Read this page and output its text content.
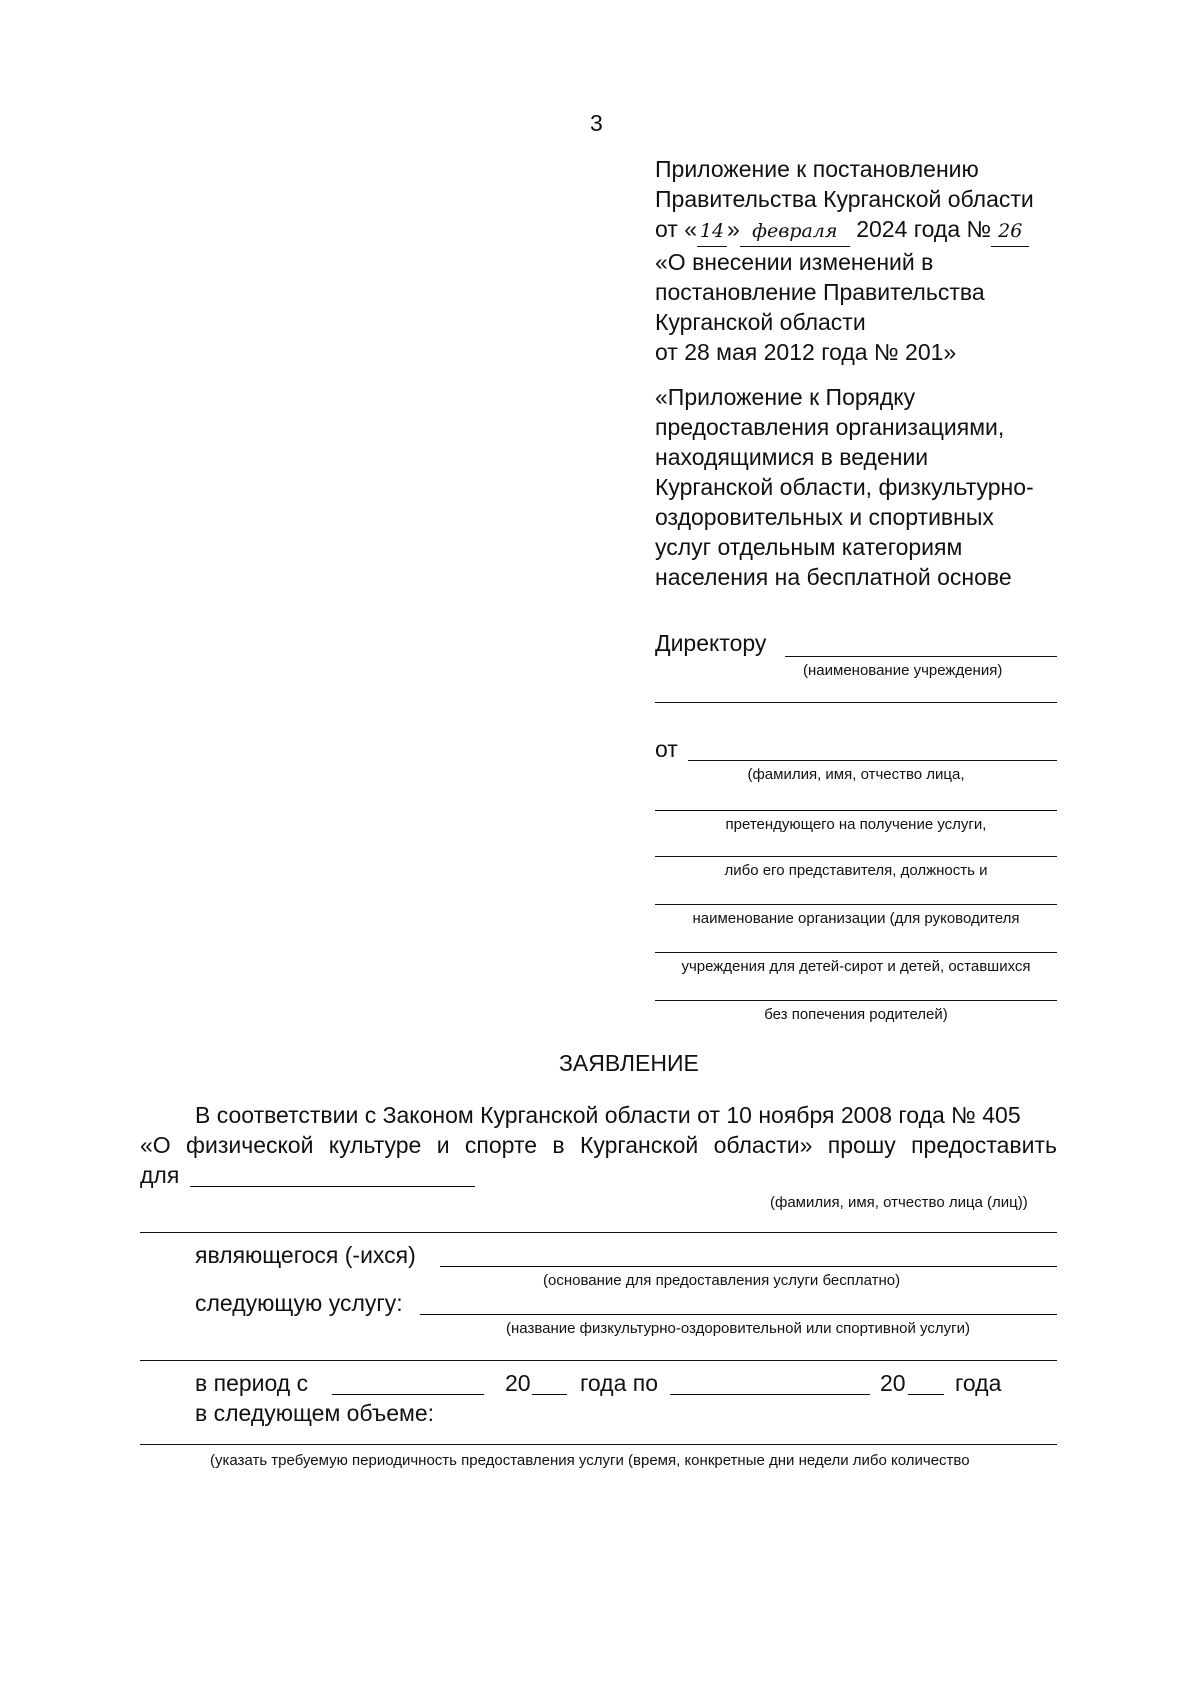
3
Приложение к постановлению
Правительства Курганской области
от « 14 » февраля 2024 года № 26
«О внесении изменений в
постановление Правительства
Курганской области
от 28 мая 2012 года № 201»
«Приложение к Порядку
предоставления организациями,
находящимися в ведении
Курганской области, физкультурно-
оздоровительных и спортивных
услуг отдельным категориям
населения на бесплатной основе
Директору
(наименование учреждения)
от
(фамилия, имя, отчество лица,
претендующего на получение услуги,
либо его представителя, должность и
наименование организации (для руководителя
учреждения для детей-сирот и детей, оставшихся
без попечения родителей)
ЗАЯВЛЕНИЕ
В соответствии с Законом Курганской области от 10 ноября 2008 года № 405
«О физической культуре и спорте в Курганской области» прошу предоставить
для
(фамилия, имя, отчество лица (лиц))
являющегося (-ихся)
(основание для предоставления услуги бесплатно)
следующую услугу:
(название физкультурно-оздоровительной или спортивной услуги)
в период с	20 года по	20 года
в следующем объеме:
(указать требуемую периодичность предоставления услуги (время, конкретные дни недели либо количество
